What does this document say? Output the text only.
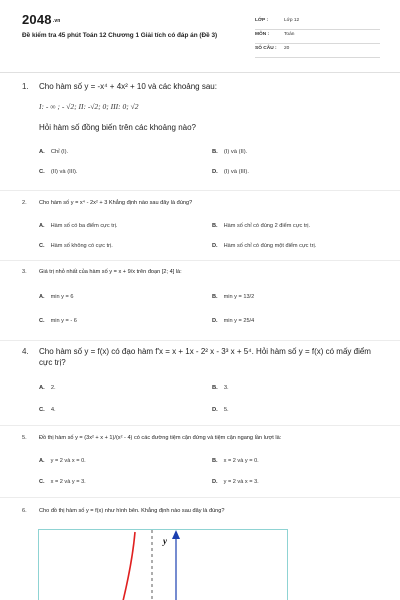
2048.vn
Đề kiểm tra 45 phút Toán 12 Chương 1 Giải tích có đáp án (Đề 3)
LỚP :	Lớp 12
MÔN :	Toán
SỐ CÂU : 20
1. Cho hàm số y = -x⁴ + 4x² + 10 và các khoảng sau:
I: - ∞ ; - √2; II: -√2; 0; III: 0; √2
Hỏi hàm số đồng biến trên các khoảng nào?
A. Chỉ (I).	B. (I) và (II).
C. (II) và (III).	D. (I) và (III).
2. Cho hàm số y = x⁴ - 2x² + 3 Khẳng định nào sau đây là đúng?
A. Hàm số có ba điểm cực trị.	B. Hàm số chỉ có đúng 2 điểm cực trị.
C. Hàm số không có cực trị.	D. Hàm số chỉ có đúng một điểm cực trị.
3. Giá trị nhỏ nhất của hàm số y = x + 9/x trên đoạn [2; 4] là:
A. min y = 6	B. min y = 13/2
C. min y = - 6	D. min y = 25/4
4. Cho hàm số y = f(x) có đạo hàm f'x = x + 1x - 2² x - 3³ x + 5⁴. Hỏi hàm số y = f(x) có mấy điểm cực trị?
A. 2.	B. 3.
C. 4.	D. 5.
5. Đồ thị hàm số y = (3x² + x + 1)/(x² - 4) có các đường tiệm cận đứng và tiệm cận ngang lần lượt là:
A. y = 2 và x = 0.	B. x = 2 và y = 0.
C. x = 2 và y = 3.	D. y = 2 và x = 3.
6. Cho đồ thị hàm số y = f(x) như hình bên. Khẳng định nào sau đây là đúng?
y
